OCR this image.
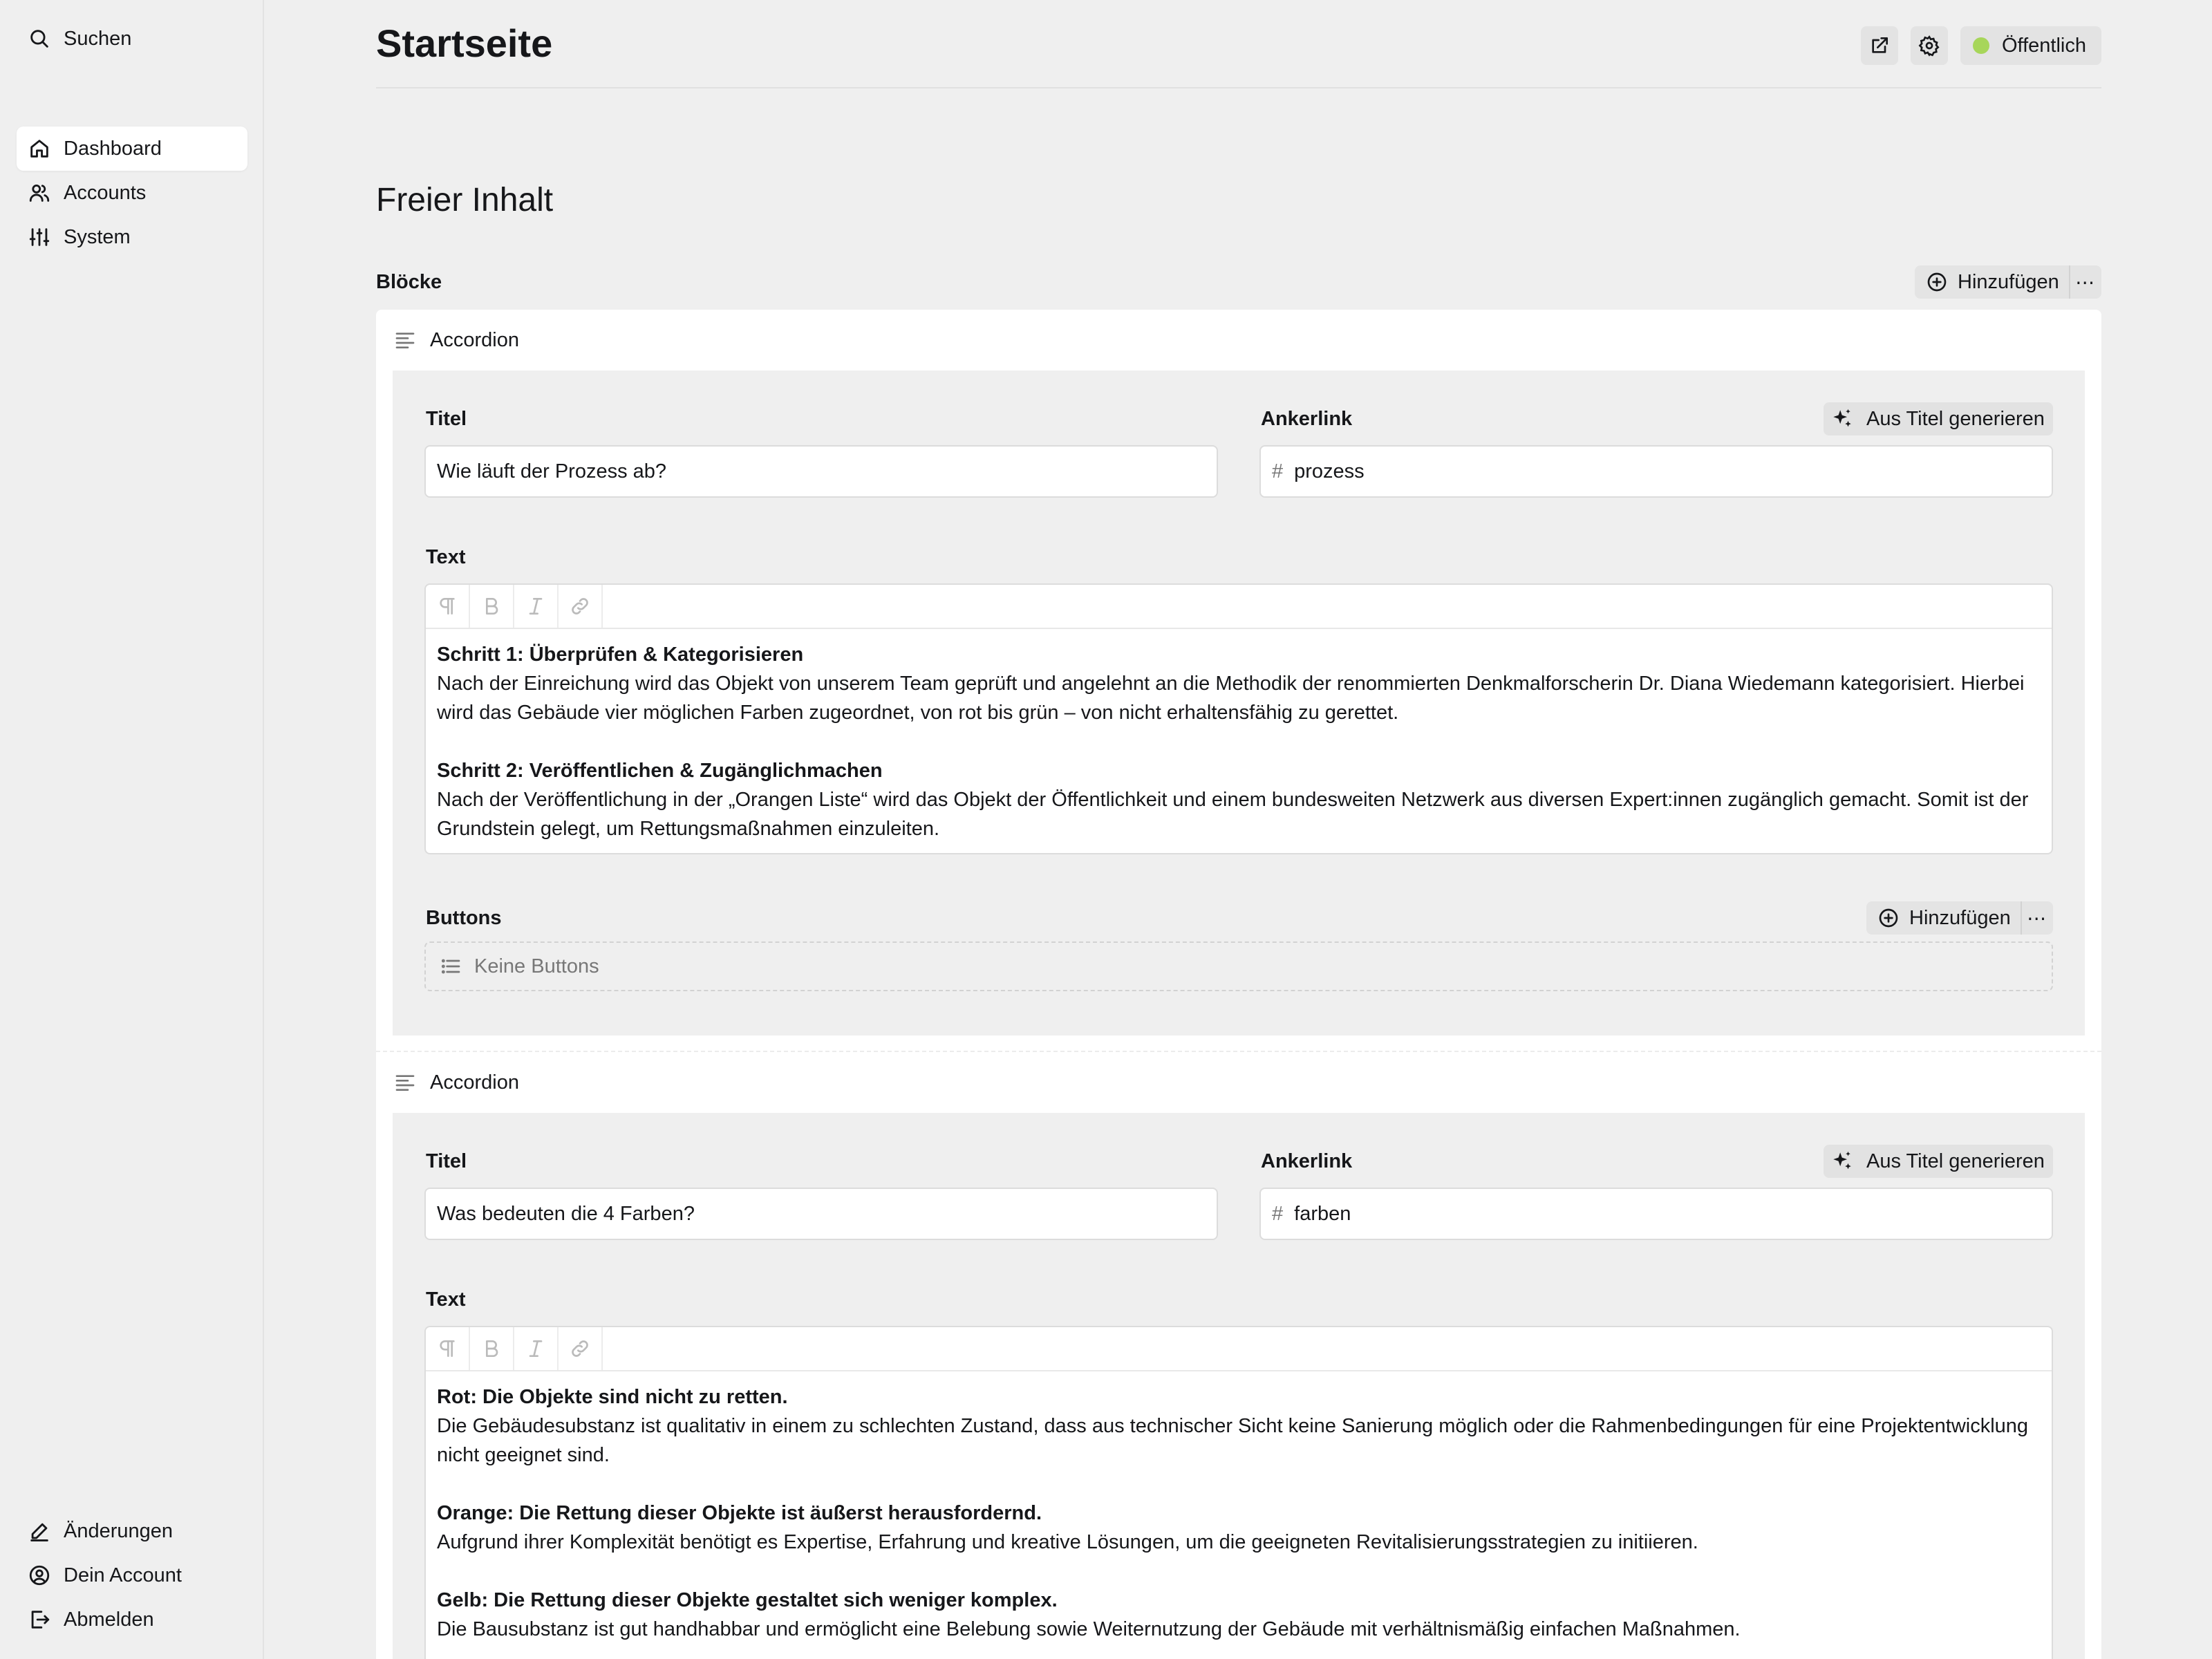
Suchen
Dashboard
Accounts
System
Änderungen
Dein Account
Abmelden
Startseite	Öffentlich
Freier Inhalt
Blöcke	Hinzufügen ⋯
Accordion
Titel
Wie läuft der Prozess ab?
Ankerlink	Aus Titel generieren
# prozess
Text

Schritt 1: Überprüfen & Kategorisieren

Nach der Einreichung wird das Objekt von unserem Team geprüft und angelehnt an die Methodik der renommierten Denkmalforscherin Dr. Diana Wiedemann kategorisiert. Hierbei wird das Gebäude vier möglichen Farben zugeordnet, von rot bis grün – von nicht erhaltensfähig zu gerettet.

Schritt 2: Veröffentlichen & Zugänglichmachen

Nach der Veröffentlichung in der „Orangen Liste“ wird das Objekt der Öffentlichkeit und einem bundesweiten Netzwerk aus diversen Expert:innen zugänglich gemacht. Somit ist der Grundstein gelegt, um Rettungsmaßnahmen einzuleiten.

Buttons	Hinzufügen ⋯
Keine Buttons
Accordion
Titel
Was bedeuten die 4 Farben?
Ankerlink	Aus Titel generieren
# farben
Text

Rot: Die Objekte sind nicht zu retten.

Die Gebäudesubstanz ist qualitativ in einem zu schlechten Zustand, dass aus technischer Sicht keine Sanierung möglich oder die Rahmenbedingungen für eine Projektentwicklung nicht geeignet sind.

Orange: Die Rettung dieser Objekte ist äußerst herausfordernd.

Aufgrund ihrer Komplexität benötigt es Expertise, Erfahrung und kreative Lösungen, um die geeigneten Revitalisierungsstrategien zu initiieren.

Gelb: Die Rettung dieser Objekte gestaltet sich weniger komplex.

Die Bausubstanz ist gut handhabbar und ermöglicht eine Belebung sowie Weiternutzung der Gebäude mit verhältnismäßig einfachen Maßnahmen.
